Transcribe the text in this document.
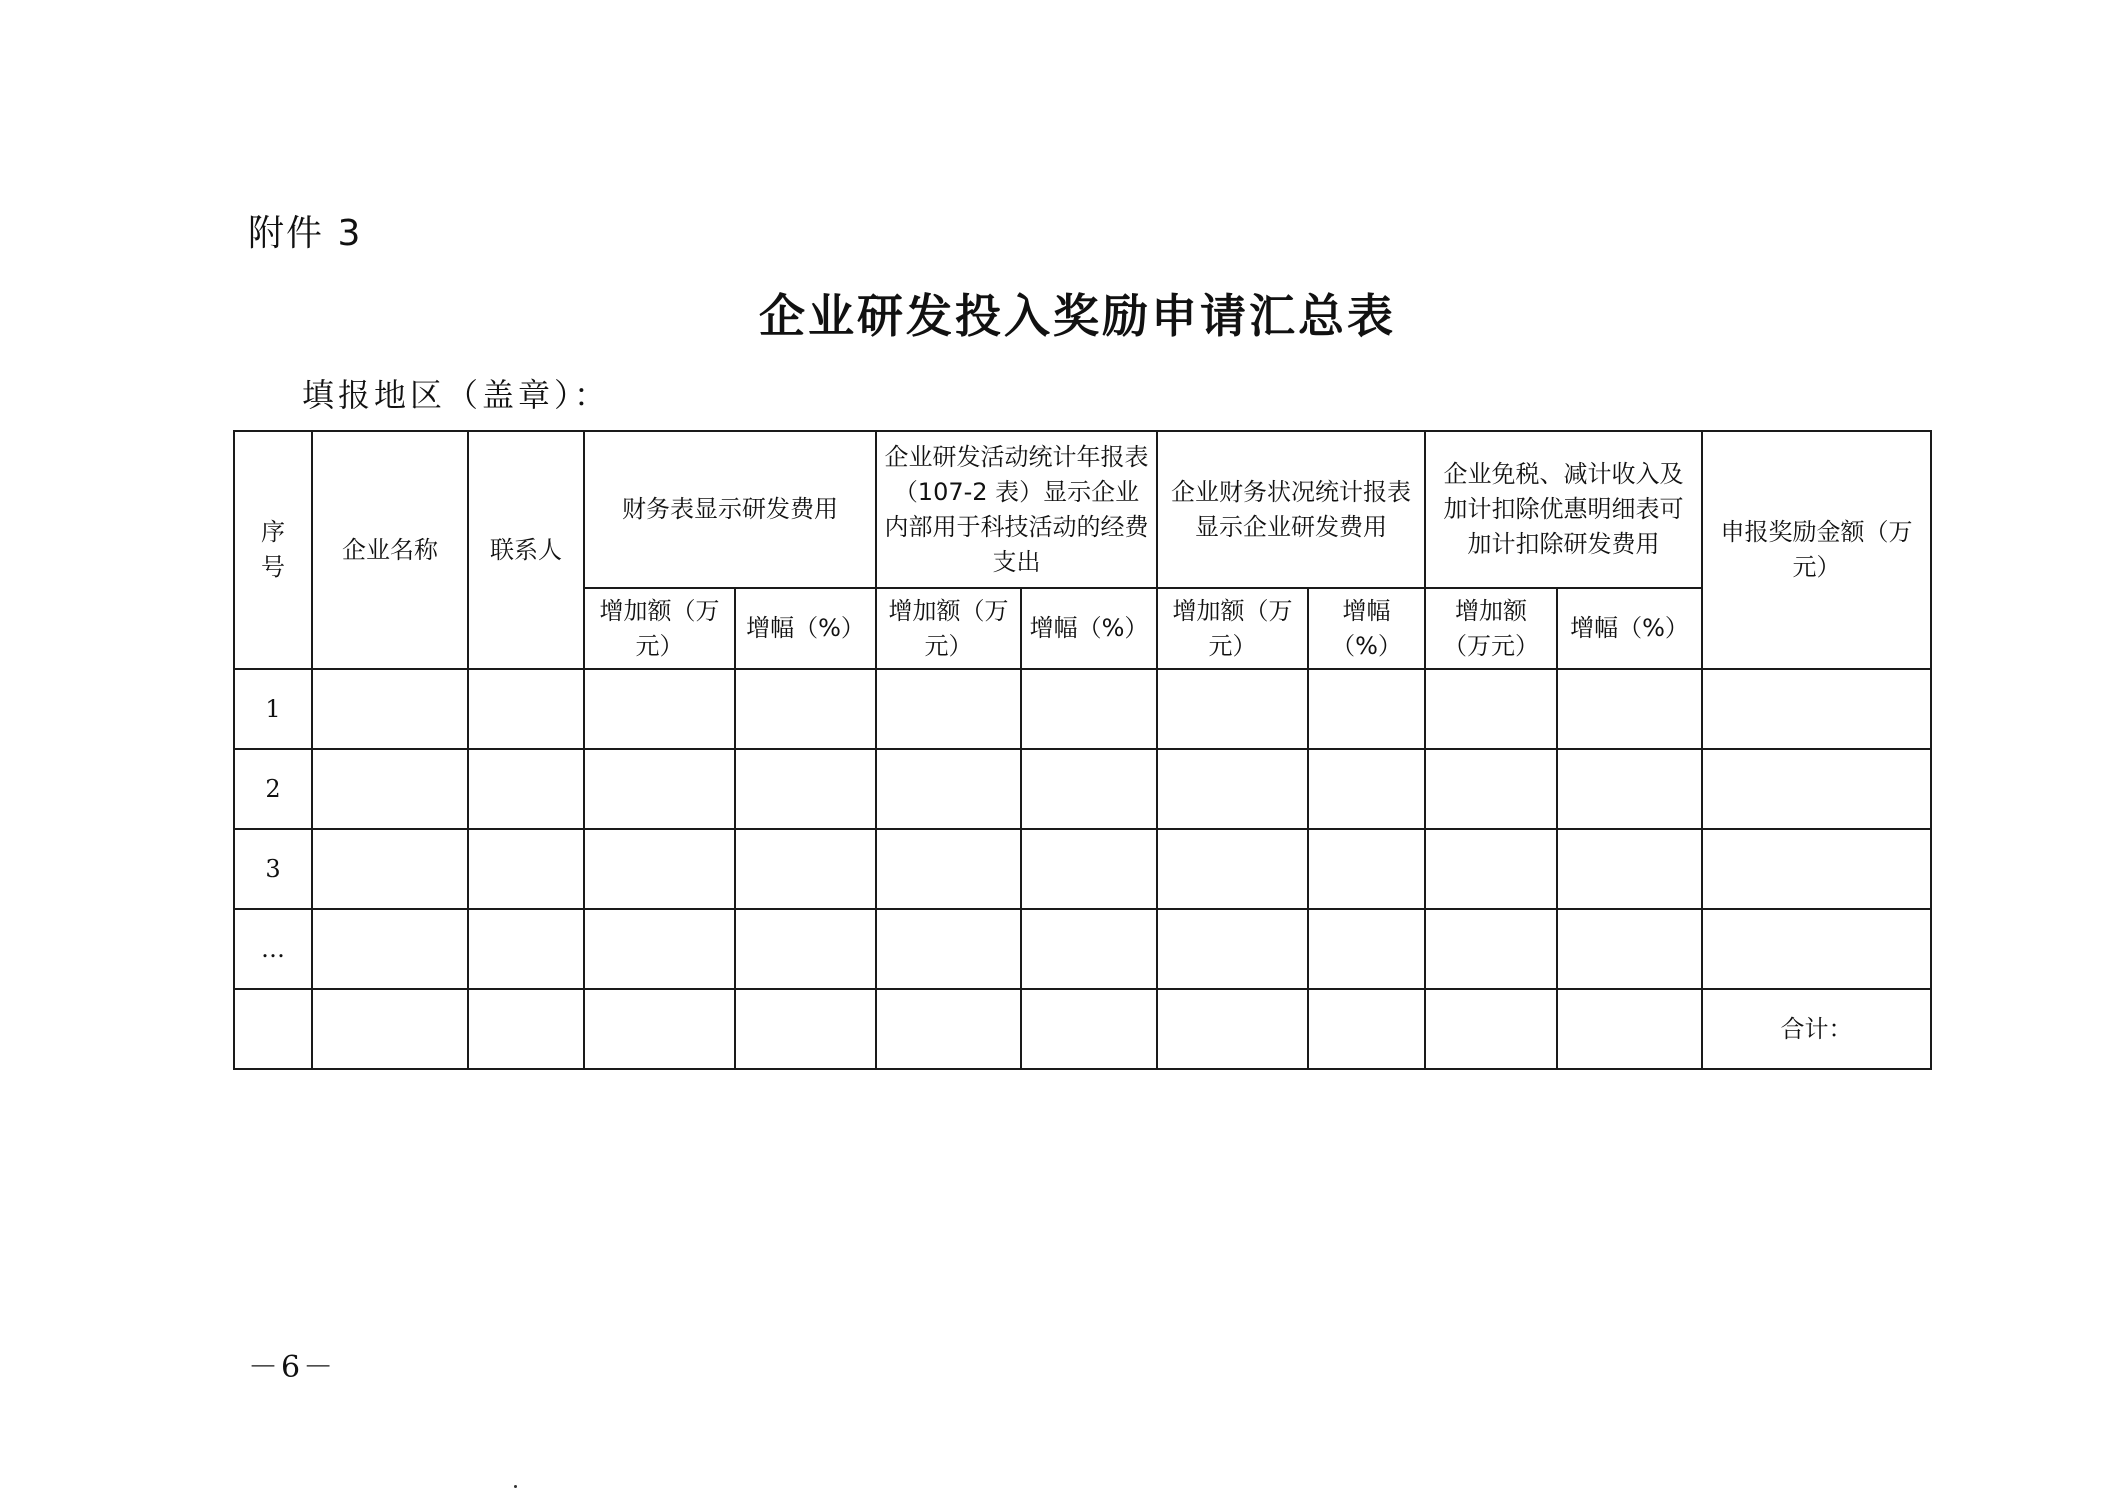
附件 3
企业研发投入奖励申请汇总表
填报地区（盖章）：
序号	企业名称	联系人	财务表显示研发费用		企业研发活动统计年报表（107-2 表）显示企业内部用于科技活动的经费支出		企业财务状况统计报表显示企业研发费用		企业免税、减计收入及加计扣除优惠明细表可加计扣除研发费用		申报奖励金额（万元）
			增加额（万元）	增幅（%）	增加额（万元）	增幅（%）	增加额（万元）	增幅（%）	增加额（万元）	增幅（%）	
1											
2											
3											
…											
											合计：
－6－
